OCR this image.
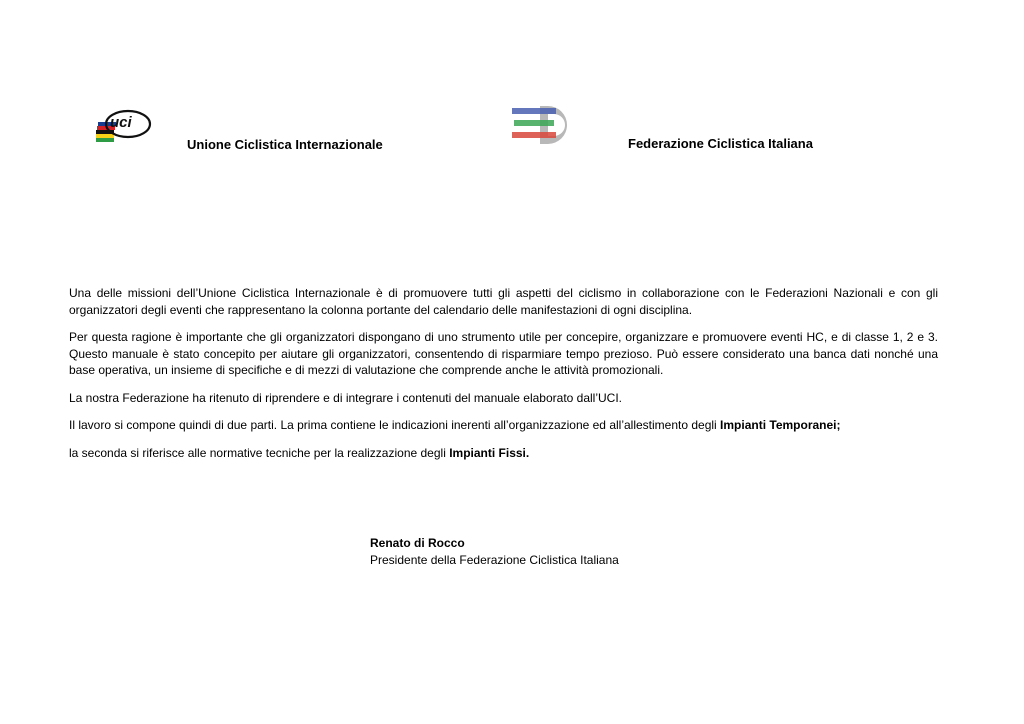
uci
Unione Ciclistica Internazionale	Federazione Ciclistica Italiana

Una delle missioni dell’Unione Ciclistica Internazionale è di promuovere tutti gli aspetti del ciclismo in collaborazione con le Federazioni Nazionali e con gli organizzatori degli eventi che rappresentano la colonna portante del calendario delle manifestazioni di ogni disciplina.

Per questa ragione è importante che gli organizzatori dispongano di uno strumento utile per concepire, organizzare e promuovere eventi HC, e di classe 1, 2 e 3. Questo manuale è stato concepito per aiutare gli organizzatori, consentendo di risparmiare tempo prezioso. Può essere considerato una banca dati nonché una base operativa, un insieme di specifiche e di mezzi di valutazione che comprende anche le attività promozionali.

La nostra Federazione ha ritenuto di riprendere e di integrare i contenuti del manuale elaborato dall’UCI.

Il lavoro si compone quindi di due parti. La prima contiene le indicazioni inerenti all’organizzazione ed all’allestimento degli Impianti Temporanei;

la seconda si riferisce alle normative tecniche per la realizzazione degli Impianti Fissi.

Renato di Rocco
Presidente della Federazione Ciclistica Italiana
